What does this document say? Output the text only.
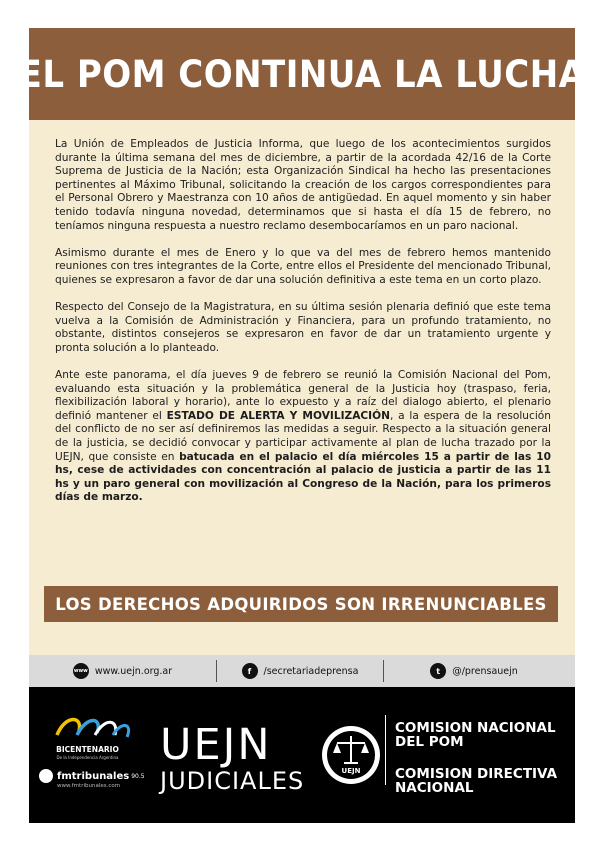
EL POM CONTINUA LA LUCHA

La Unión de Empleados de Justicia Informa, que luego de los acontecimientos surgidos durante la última semana del mes de diciembre, a partir de la acordada 42/16 de la Corte Suprema de Justicia de la Nación; esta Organización Sindical ha hecho las presentaciones pertinentes al Máximo Tribunal, solicitando la creación de los cargos correspondientes para el Personal Obrero y Maestranza con 10 años de antigüedad. En aquel momento y sin haber tenido todavía ninguna novedad, determinamos que si hasta el día 15 de febrero, no teníamos ninguna respuesta a nuestro reclamo desembocaríamos en un paro nacional.

Asimismo durante el mes de Enero y lo que va del mes de febrero hemos mantenido reuniones con tres integrantes de la Corte, entre ellos el Presidente del mencionado Tribunal, quienes se expresaron a favor de dar una solución definitiva a este tema en un corto plazo.

Respecto del Consejo de la Magistratura, en su última sesión plenaria definió que este tema vuelva a la Comisión de Administración y Financiera, para un profundo tratamiento, no obstante, distintos consejeros se expresaron en favor de dar un tratamiento urgente y pronta solución a lo planteado.

Ante este panorama, el día jueves 9 de febrero se reunió la Comisión Nacional del Pom, evaluando esta situación y la problemática general de la Justicia hoy (traspaso, feria, flexibilización laboral y horario), ante lo expuesto y a raíz del dialogo abierto, el plenario definió mantener el ESTADO DE ALERTA Y MOVILIZACIÓN, a la espera de la resolución del conflicto de no ser así definiremos las medidas a seguir. Respecto a la situación general de la justicia, se decidió convocar y participar activamente al plan de lucha trazado por la UEJN, que consiste en batucada en el palacio el día miércoles 15 a partir de las 10 hs, cese de actividades con concentración al palacio de justicia a partir de las 11 hs y un paro general con movilización al Congreso de la Nación, para los primeros días de marzo.

LOS DERECHOS ADQUIRIDOS SON IRRENUNCIABLES
www www.uejn.org.ar	f	/secretariadeprensa	t	@/prensauejn
BICENTENARIO
De la Independencia Argentina
fmtribunales 90.5
www.fmtribunales.com
UEJN
JUDICIALES	UEJN
COMISION NACIONAL
DEL POM
COMISION DIRECTIVA
NACIONAL
